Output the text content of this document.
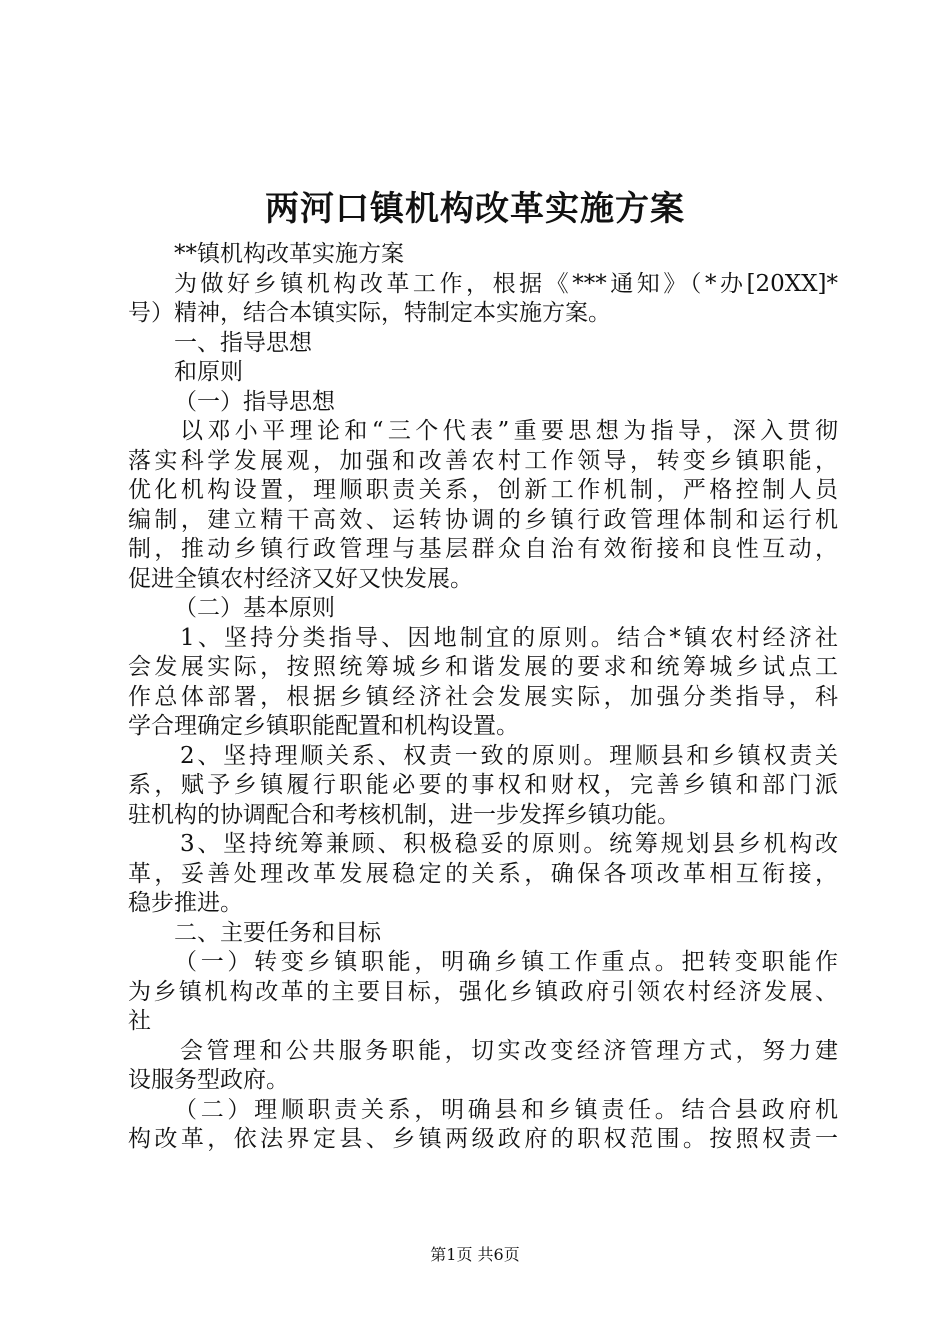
两河口镇机构改革实施方案
**镇机构改革实施方案
为做好乡镇机构改革工作，根据《***通知》（*办[20XX]*
号）精神，结合本镇实际，特制定本实施方案。
一、指导思想
和原则
（一）指导思想
以邓小平理论和“三个代表”重要思想为指导，深入贯彻
落实科学发展观，加强和改善农村工作领导，转变乡镇职能，
优化机构设置，理顺职责关系，创新工作机制，严格控制人员
编制，建立精干高效、运转协调的乡镇行政管理体制和运行机
制，推动乡镇行政管理与基层群众自治有效衔接和良性互动，
促进全镇农村经济又好又快发展。
（二）基本原则
1、坚持分类指导、因地制宜的原则。结合*镇农村经济社
会发展实际，按照统筹城乡和谐发展的要求和统筹城乡试点工
作总体部署，根据乡镇经济社会发展实际，加强分类指导，科
学合理确定乡镇职能配置和机构设置。
2、坚持理顺关系、权责一致的原则。理顺县和乡镇权责关
系，赋予乡镇履行职能必要的事权和财权，完善乡镇和部门派
驻机构的协调配合和考核机制，进一步发挥乡镇功能。
3、坚持统筹兼顾、积极稳妥的原则。统筹规划县乡机构改
革，妥善处理改革发展稳定的关系，确保各项改革相互衔接，
稳步推进。
二、主要任务和目标
（一）转变乡镇职能，明确乡镇工作重点。把转变职能作
为乡镇机构改革的主要目标，强化乡镇政府引领农村经济发展、
社
会管理和公共服务职能，切实改变经济管理方式，努力建
设服务型政府。
（二）理顺职责关系，明确县和乡镇责任。结合县政府机
构改革，依法界定县、乡镇两级政府的职权范围。按照权责一
第1页 共6页
